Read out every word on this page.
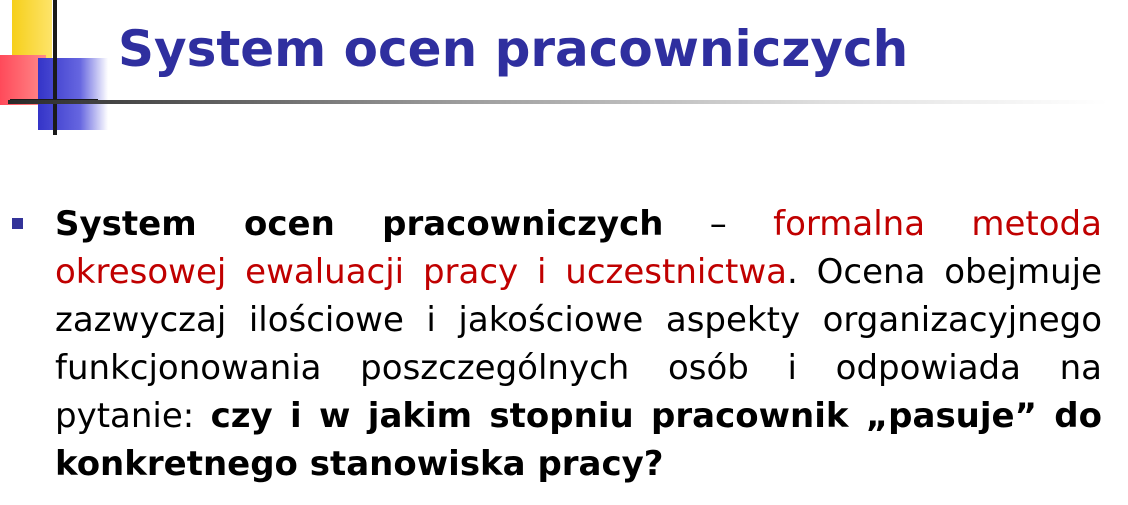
System ocen pracowniczych

System ocen pracowniczych – formalna metoda okresowej ewaluacji pracy i uczestnictwa. Ocena obejmuje zazwyczaj ilościowe i jakościowe aspekty organizacyjnego funkcjonowania poszczególnych osób i odpowiada na pytanie: czy i w jakim stopniu pracownik „pasuje” do konkretnego stanowiska pracy?
